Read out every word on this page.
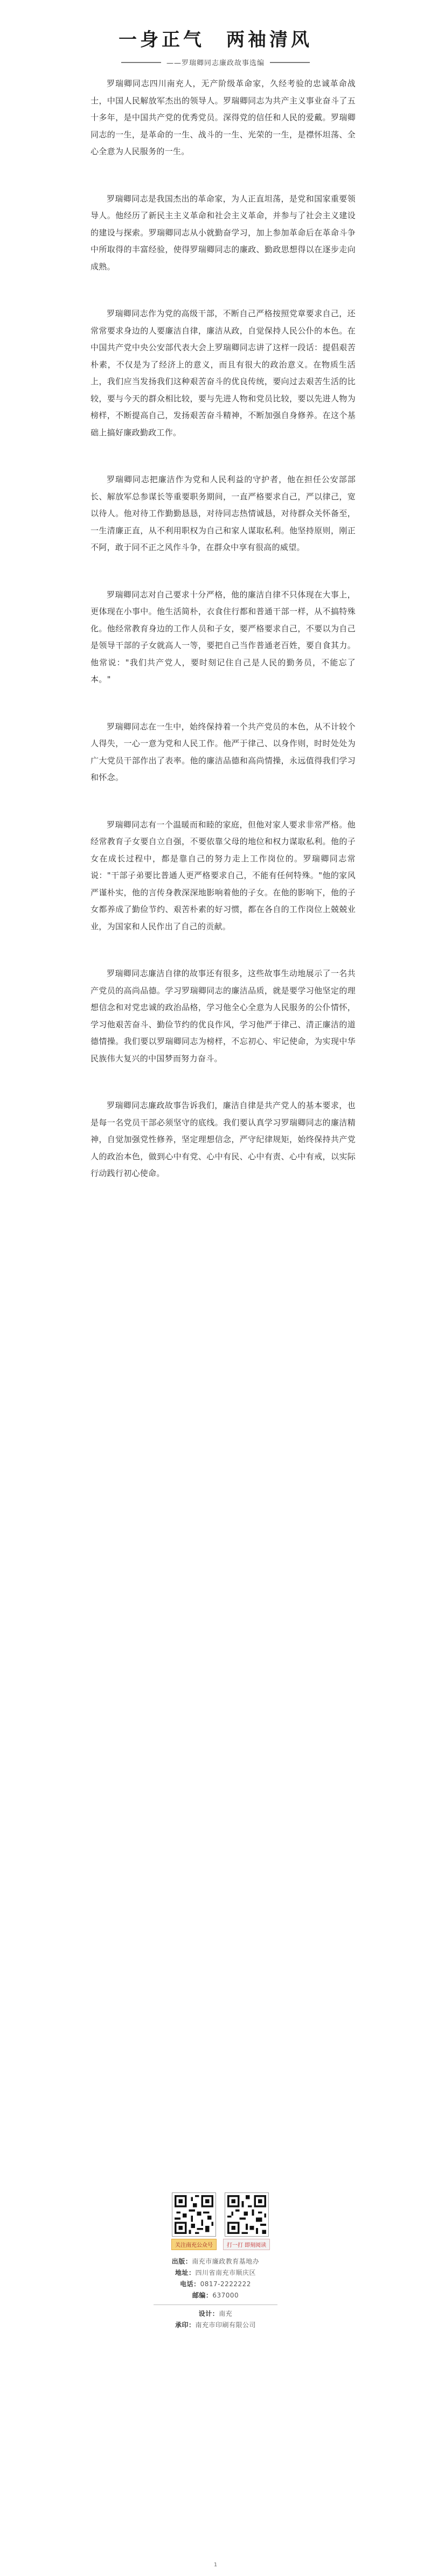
一身正气　两袖清风
——罗瑞卿同志廉政故事选编

罗瑞卿同志四川南充人，无产阶级革命家，久经考验的忠诚革命战士，中国人民解放军杰出的领导人。罗瑞卿同志为共产主义事业奋斗了五十多年，是中国共产党的优秀党员。深得党的信任和人民的爱戴。罗瑞卿同志的一生，是革命的一生、战斗的一生、光荣的一生，是襟怀坦荡、全心全意为人民服务的一生。

罗瑞卿同志是我国杰出的革命家，为人正直坦荡，是党和国家重要领导人。他经历了新民主主义革命和社会主义革命，并参与了社会主义建设的建设与探索。罗瑞卿同志从小就勤奋学习，加上参加革命后在革命斗争中所取得的丰富经验，使得罗瑞卿同志的廉政、勤政思想得以在逐步走向成熟。

罗瑞卿同志作为党的高级干部，不断自己严格按照党章要求自己，还常常要求身边的人要廉洁自律，廉洁从政，自觉保持人民公仆的本色。在中国共产党中央公安部代表大会上罗瑞卿同志讲了这样一段话：提倡艰苦朴素，不仅是为了经济上的意义，而且有很大的政治意义。在物质生活上，我们应当发扬我们这种艰苦奋斗的优良传统，要向过去艰苦生活的比较，要与今天的群众相比较，要与先进人物和党员比较，要以先进人物为榜样，不断提高自己，发扬艰苦奋斗精神，不断加强自身修养。在这个基础上搞好廉政勤政工作。

罗瑞卿同志把廉洁作为党和人民利益的守护者，他在担任公安部部长、解放军总参谋长等重要职务期间，一直严格要求自己，严以律己，宽以待人。他对待工作勤勤恳恳，对待同志热情诚恳，对待群众关怀备至，一生清廉正直，从不利用职权为自己和家人谋取私利。他坚持原则，刚正不阿，敢于同不正之风作斗争，在群众中享有很高的威望。

罗瑞卿同志对自己要求十分严格，他的廉洁自律不只体现在大事上，更体现在小事中。他生活简朴，衣食住行都和普通干部一样，从不搞特殊化。他经常教育身边的工作人员和子女，要严格要求自己，不要以为自己是领导干部的子女就高人一等，要把自己当作普通老百姓，要自食其力。他常说："我们共产党人，要时刻记住自己是人民的勤务员，不能忘了本。"

罗瑞卿同志在一生中，始终保持着一个共产党员的本色，从不计较个人得失，一心一意为党和人民工作。他严于律己、以身作则，时时处处为广大党员干部作出了表率。他的廉洁品德和高尚情操，永远值得我们学习和怀念。

罗瑞卿同志有一个温暖而和睦的家庭，但他对家人要求非常严格。他经常教育子女要自立自强，不要依靠父母的地位和权力谋取私利。他的子女在成长过程中，都是靠自己的努力走上工作岗位的。罗瑞卿同志常说："干部子弟要比普通人更严格要求自己，不能有任何特殊。"他的家风严谨朴实，他的言传身教深深地影响着他的子女。在他的影响下，他的子女都养成了勤俭节约、艰苦朴素的好习惯，都在各自的工作岗位上兢兢业业，为国家和人民作出了自己的贡献。

罗瑞卿同志廉洁自律的故事还有很多，这些故事生动地展示了一名共产党员的高尚品德。学习罗瑞卿同志的廉洁品质，就是要学习他坚定的理想信念和对党忠诚的政治品格，学习他全心全意为人民服务的公仆情怀，学习他艰苦奋斗、勤俭节约的优良作风，学习他严于律己、清正廉洁的道德情操。我们要以罗瑞卿同志为榜样，不忘初心、牢记使命，为实现中华民族伟大复兴的中国梦而努力奋斗。

罗瑞卿同志廉政故事告诉我们，廉洁自律是共产党人的基本要求，也是每一名党员干部必须坚守的底线。我们要认真学习罗瑞卿同志的廉洁精神，自觉加强党性修养，坚定理想信念，严守纪律规矩，始终保持共产党人的政治本色，做到心中有党、心中有民、心中有责、心中有戒，以实际行动践行初心使命。

关注南充公众号	打一打 即刻阅读
出版：南充市廉政教育基地办
地址：四川省南充市顺庆区
电话：0817-2222222
邮编：637000
设计：南充
承印：南充市印刷有限公司
1
